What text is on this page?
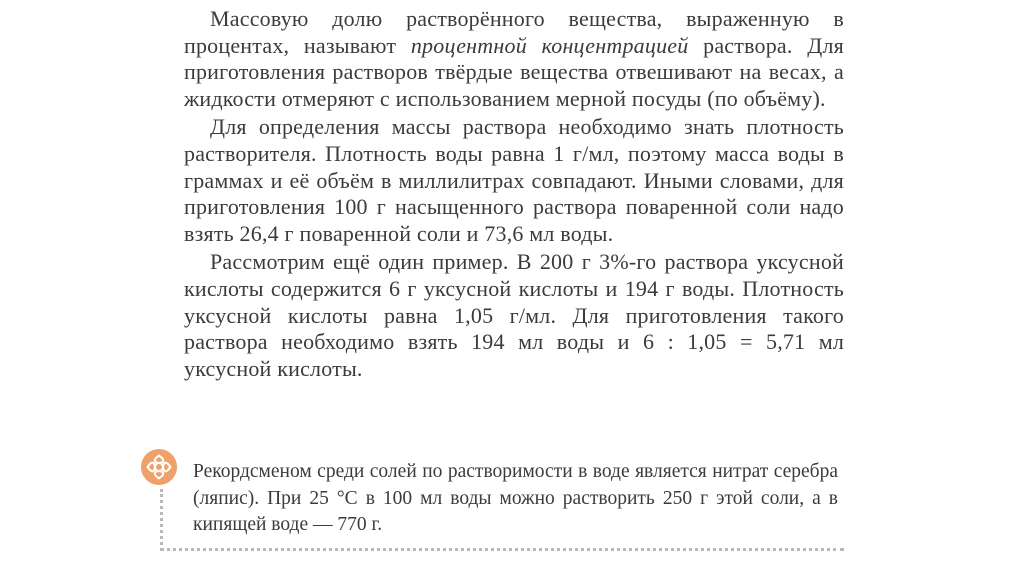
Массовую долю растворённого вещества, выраженную в процентах, называют процентной концентрацией раствора. Для приготовления растворов твёрдые вещества отвешивают на весах, а жидкости отмеряют с использованием мерной посуды (по объёму).

Для определения массы раствора необходимо знать плотность растворителя. Плотность воды равна 1 г/мл, поэтому масса воды в граммах и её объём в миллилитрах совпадают. Иными словами, для приготовления 100 г насыщенного раствора поваренной соли надо взять 26,4 г поваренной соли и 73,6 мл воды.

Рассмотрим ещё один пример. В 200 г 3%-го раствора уксусной кислоты содержится 6 г уксусной кислоты и 194 г воды. Плотность уксусной кислоты равна 1,05 г/мл. Для приготовления такого раствора необходимо взять 194 мл воды и 6 : 1,05 = 5,71 мл уксусной кислоты.

Рекордсменом среди солей по растворимости в воде является нитрат серебра (ляпис). При 25 °С в 100 мл воды можно растворить 250 г этой соли, а в кипящей воде — 770 г.
